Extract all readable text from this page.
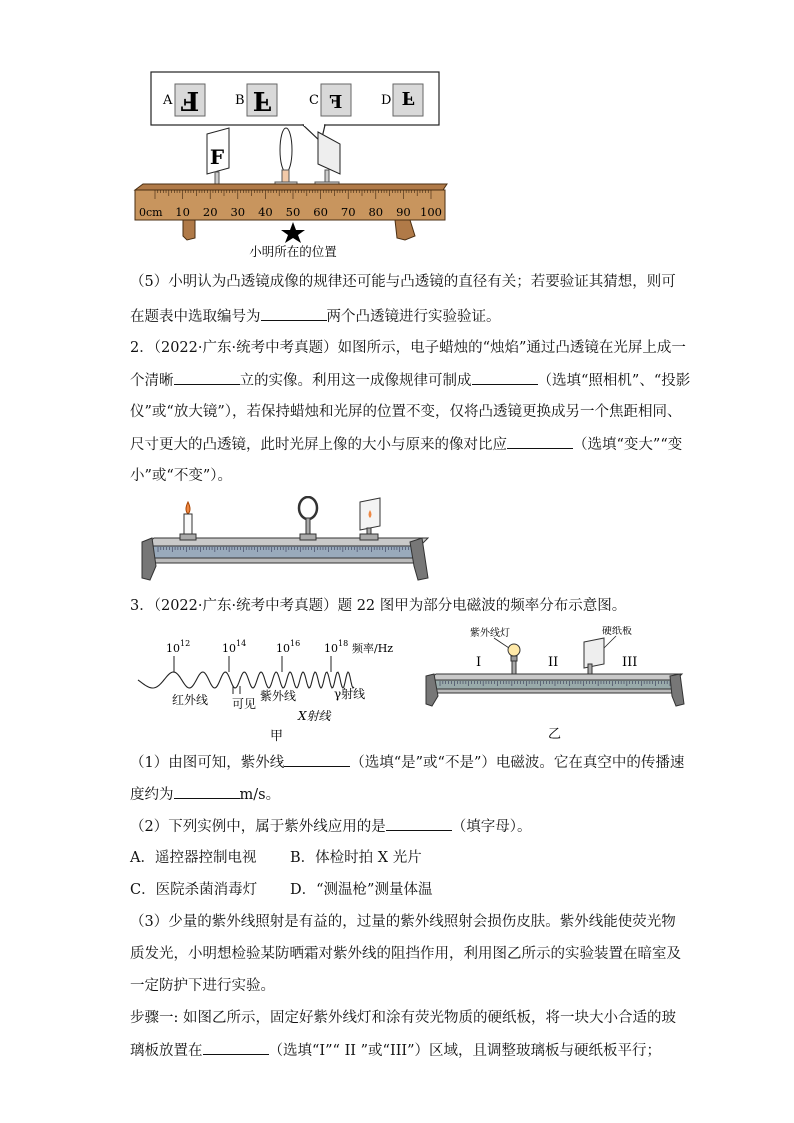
A F	B F	C F	D F
F
0cm 10 20 30 40 50 60 70 80 90 100
小明所在的位置
（5）小明认为凸透镜成像的规律还可能与凸透镜的直径有关；若要验证其猜想，则可
在题表中选取编号为	两个凸透镜进行实验验证。
2．（2022·广东·统考中考真题）如图所示，电子蜡烛的“烛焰”通过凸透镜在光屏上成一
个清晰	立的实像。利用这一成像规律可制成	（选填“照相机”、“投影
仪”或“放大镜”），若保持蜡烛和光屏的位置不变，仅将凸透镜更换成另一个焦距相同、
尺寸更大的凸透镜，此时光屏上像的大小与原来的像对比应	（选填“变大”“变
小”或“不变”）。
3．（2022·广东·统考中考真题）题 22 图甲为部分电磁波的频率分布示意图。
$10^{12}$	$10^{14}$	$10^{16}$ $10^{18}$ 频率/Hz
红外线 可见
紫外线
X射线
γ射线
甲
紫外线灯	硬纸板
I	II	III
乙
（1）由图可知，紫外线	（选填“是”或“不是”）电磁波。它在真空中的传播速
度约为	m/s。
（2）下列实例中，属于紫外线应用的是	（填字母）。
A．遥控器控制电视 B．体检时拍 X 光片
C．医院杀菌消毒灯 D．“测温枪”测量体温
（3）少量的紫外线照射是有益的，过量的紫外线照射会损伤皮肤。紫外线能使荧光物
质发光，小明想检验某防晒霜对紫外线的阻挡作用，利用图乙所示的实验装置在暗室及
一定防护下进行实验。
步骤一: 如图乙所示，固定好紫外线灯和涂有荧光物质的硬纸板，将一块大小合适的玻
璃板放置在	（选填“I”“ II ”或“III”）区域，且调整玻璃板与硬纸板平行；
